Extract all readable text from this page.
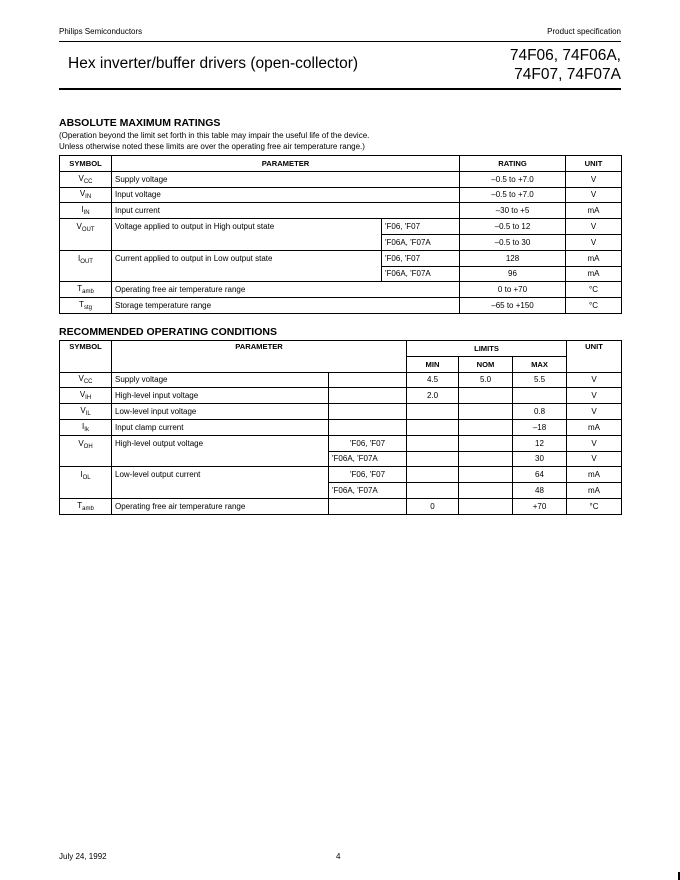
Philips Semiconductors	Product specification
Hex inverter/buffer drivers (open-collector)	74F06, 74F06A,
74F07, 74F07A
ABSOLUTE MAXIMUM RATINGS
(Operation beyond the limit set forth in this table may impair the useful life of the device.
Unless otherwise noted these limits are over the operating free air temperature range.)
SYMBOL	PARAMETER		RATING	UNIT
$V_{CC}$	Supply voltage		–0.5 to +7.0	V
$V_{IN}$	Input voltage		–0.5 to +7.0	V
$I_{IN}$	Input current		–30 to +5	mA
$V_{OUT}$	Voltage applied to output in High output state	'F06, 'F07	–0.5 to 12	V
		'F06A, 'F07A	–0.5 to 30	V
$I_{OUT}$	Current applied to output in Low output state	'F06, 'F07	128	mA
		'F06A, 'F07A	96	mA
$T_{amb}$	Operating free air temperature range		0 to +70	°C
$T_{stg}$	Storage temperature range		–65 to +150	°C
RECOMMENDED OPERATING CONDITIONS
SYMBOL	PARAMETER		LIMITS			UNIT
			MIN	NOM	MAX	
$V_{CC}$	Supply voltage		4.5	5.0	5.5	V
$V_{IH}$	High-level input voltage		2.0			V
$V_{IL}$	Low-level input voltage				0.8	V
$I_{Ik}$	Input clamp current				–18	mA
$V_{OH}$	High-level output voltage	'F06, 'F07			12	V
		'F06A, 'F07A			30	V
$I_{OL}$	Low-level output current	'F06, 'F07			64	mA
		'F06A, 'F07A			48	mA
$T_{amb}$	Operating free air temperature range		0		+70	°C
July 24, 1992	4
